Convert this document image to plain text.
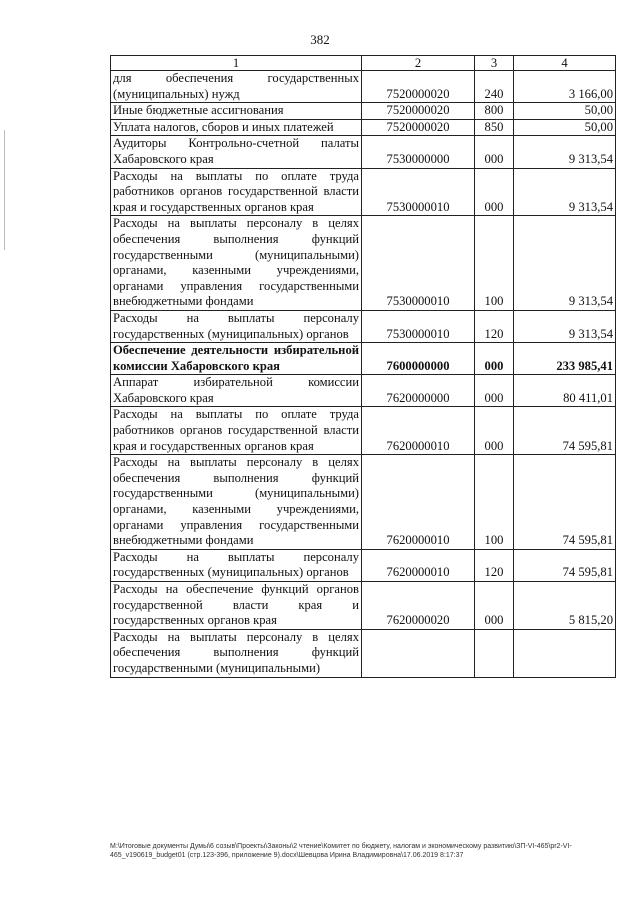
382
1	2	3	4
для обеспечения государственных (муниципальных) нужд	7520000020	240	3 166,00
Иные бюджетные ассигнования	7520000020	800	50,00
Уплата налогов, сборов и иных платежей	7520000020	850	50,00
Аудиторы Контрольно-счетной палаты Хабаровского края	7530000000	000	9 313,54
Расходы на выплаты по оплате труда работников органов государственной власти края и государственных органов края	7530000010	000	9 313,54
Расходы на выплаты персоналу в целях обеспечения выполнения функций государственными (муниципальными) органами, казенными учреждениями, органами управления государственными внебюджетными фондами	7530000010	100	9 313,54
Расходы на выплаты персоналу государственных (муниципальных) органов	7530000010	120	9 313,54
Обеспечение деятельности избирательной комиссии Хабаровского края	7600000000	000	233 985,41
Аппарат избирательной комиссии Хабаровского края	7620000000	000	80 411,01
Расходы на выплаты по оплате труда работников органов государственной власти края и государственных органов края	7620000010	000	74 595,81
Расходы на выплаты персоналу в целях обеспечения выполнения функций государственными (муниципальными) органами, казенными учреждениями, органами управления государственными внебюджетными фондами	7620000010	100	74 595,81
Расходы на выплаты персоналу государственных (муниципальных) органов	7620000010	120	74 595,81
Расходы на обеспечение функций органов государственной власти края и государственных органов края	7620000020	000	5 815,20
Расходы на выплаты персоналу в целях обеспечения выполнения функций государственными (муниципальными)			
M:\Итоговые документы Думы\6 созыв\Проекты\Законы\2 чтение\Комитет по бюджету, налогам и экономическому развитию\ЗП-VI-465\pr2-VI-465_v190619_budget01 (стр.123-396, приложение 9).docx\Шевцова Ирина Владимировна\17.06.2019 8:17:37
